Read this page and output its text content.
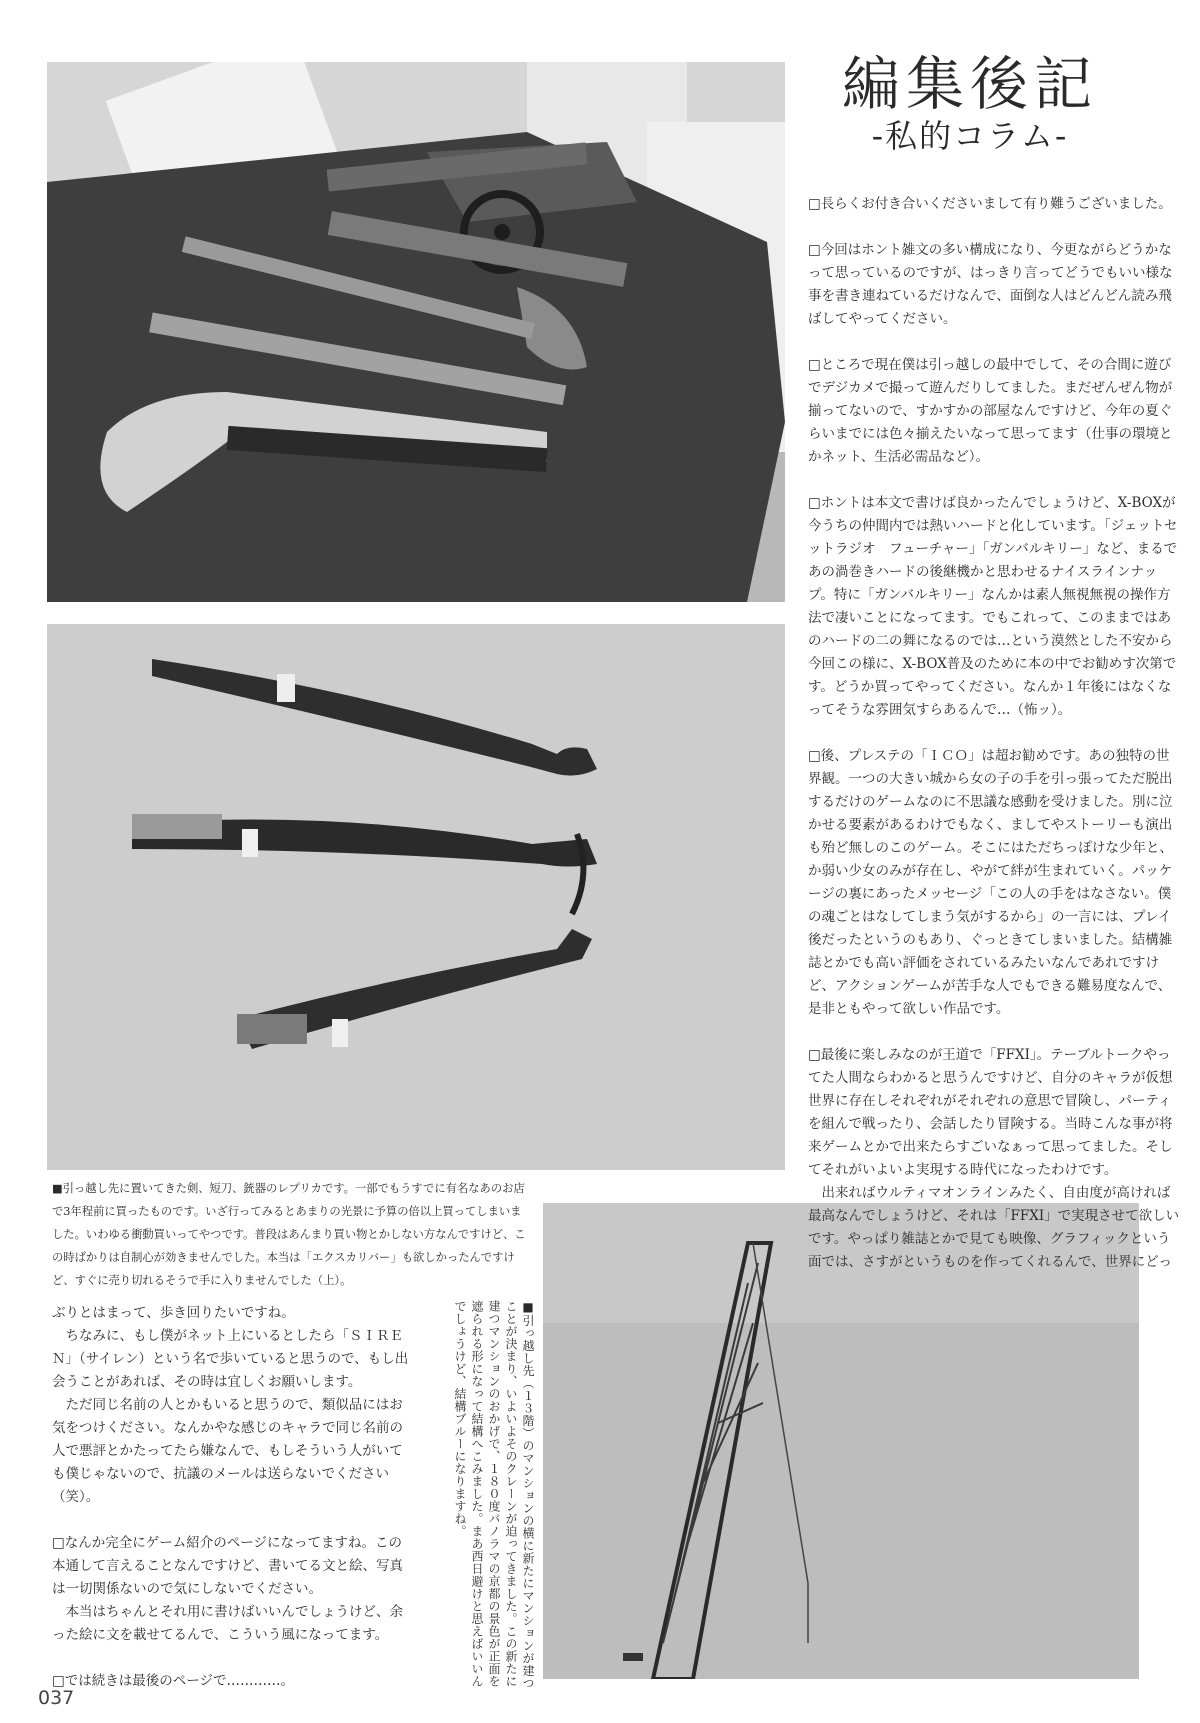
編集後記
-私的コラム-

□長らくお付き合いくださいまして有り難うございました。

□今回はホント雑文の多い構成になり、今更ながらどうかなって思っているのですが、はっきり言ってどうでもいい様な事を書き連ねているだけなんで、面倒な人はどんどん読み飛ばしてやってください。

□ところで現在僕は引っ越しの最中でして、その合間に遊びでデジカメで撮って遊んだりしてました。まだぜんぜん物が揃ってないので、すかすかの部屋なんですけど、今年の夏ぐらいまでには色々揃えたいなって思ってます（仕事の環境とかネット、生活必需品など）。

□ホントは本文で書けば良かったんでしょうけど、X-BOXが今うちの仲間内では熱いハードと化しています。「ジェットセットラジオ　フューチャー」「ガンバルキリー」など、まるであの渦巻きハードの後継機かと思わせるナイスラインナップ。特に「ガンバルキリー」なんかは素人無視無視の操作方法で凄いことになってます。でもこれって、このままではあのハードの二の舞になるのでは…という漠然とした不安から今回この様に、X-BOX普及のために本の中でお勧めす次第です。どうか買ってやってください。なんか１年後にはなくなってそうな雰囲気すらあるんで…（怖ッ）。

□後、プレステの「ＩＣＯ」は超お勧めです。あの独特の世界観。一つの大きい城から女の子の手を引っ張ってただ脱出するだけのゲームなのに不思議な感動を受けました。別に泣かせる要素があるわけでもなく、ましてやストーリーも演出も殆ど無しのこのゲーム。そこにはただちっぽけな少年と、か弱い少女のみが存在し、やがて絆が生まれていく。パッケージの裏にあったメッセージ「この人の手をはなさない。僕の魂ごとはなしてしまう気がするから」の一言には、プレイ後だったというのもあり、ぐっときてしまいました。結構雑誌とかでも高い評価をされているみたいなんであれですけど、アクションゲームが苦手な人でもできる難易度なんで、是非ともやって欲しい作品です。

□最後に楽しみなのが王道で「FFXI」。テーブルトークやってた人間ならわかると思うんですけど、自分のキャラが仮想世界に存在しそれぞれがそれぞれの意思で冒険し、パーティを組んで戦ったり、会話したり冒険する。当時こんな事が将来ゲームとかで出来たらすごいなぁって思ってました。そしてそれがいよいよ実現する時代になったわけです。
　出来ればウルティマオンラインみたく、自由度が高ければ最高なんでしょうけど、それは「FFXI」で実現させて欲しいです。やっぱり雑誌とかで見ても映像、グラフィックという面では、さすがというものを作ってくれるんで、世界にどっ

■引っ越し先に置いてきた剣、短刀、銃器のレプリカです。一部でもうすでに有名なあのお店で3年程前に買ったものです。いざ行ってみるとあまりの光景に予算の倍以上買ってしまいました。いわゆる衝動買いってやつです。普段はあんまり買い物とかしない方なんですけど、この時ばかりは自制心が効きませんでした。本当は「エクスカリバー」も欲しかったんですけど、すぐに売り切れるそうで手に入りませんでした（上）。

ぶりとはまって、歩き回りたいですね。
　ちなみに、もし僕がネット上にいるとしたら「ＳＩＲＥＮ」（サイレン）という名で歩いていると思うので、もし出会うことがあれば、その時は宜しくお願いします。
　ただ同じ名前の人とかもいると思うので、類似品にはお気をつけください。なんかやな感じのキャラで同じ名前の人で悪評とかたってたら嫌なんで、もしそういう人がいても僕じゃないので、抗議のメールは送らないでください（笑）。

□なんか完全にゲーム紹介のページになってますね。この本通して言えることなんですけど、書いてる文と絵、写真は一切関係ないので気にしないでください。
　本当はちゃんとそれ用に書けばいいんでしょうけど、余った絵に文を載せてるんで、こういう風になってます。

□では続きは最後のページで…………。	■引っ越し先（１３階）のマンションの横に新たにマンションが建つことが決まり、いよいよそのクレーンが迫ってきました。この新たに建つマンションのおかげで、１８０度パノラマの京都の景色が正面を遮られる形になって結構へこみました。まあ西日避けと思えばいいんでしょうけど、結構ブルーになりますね。
037
